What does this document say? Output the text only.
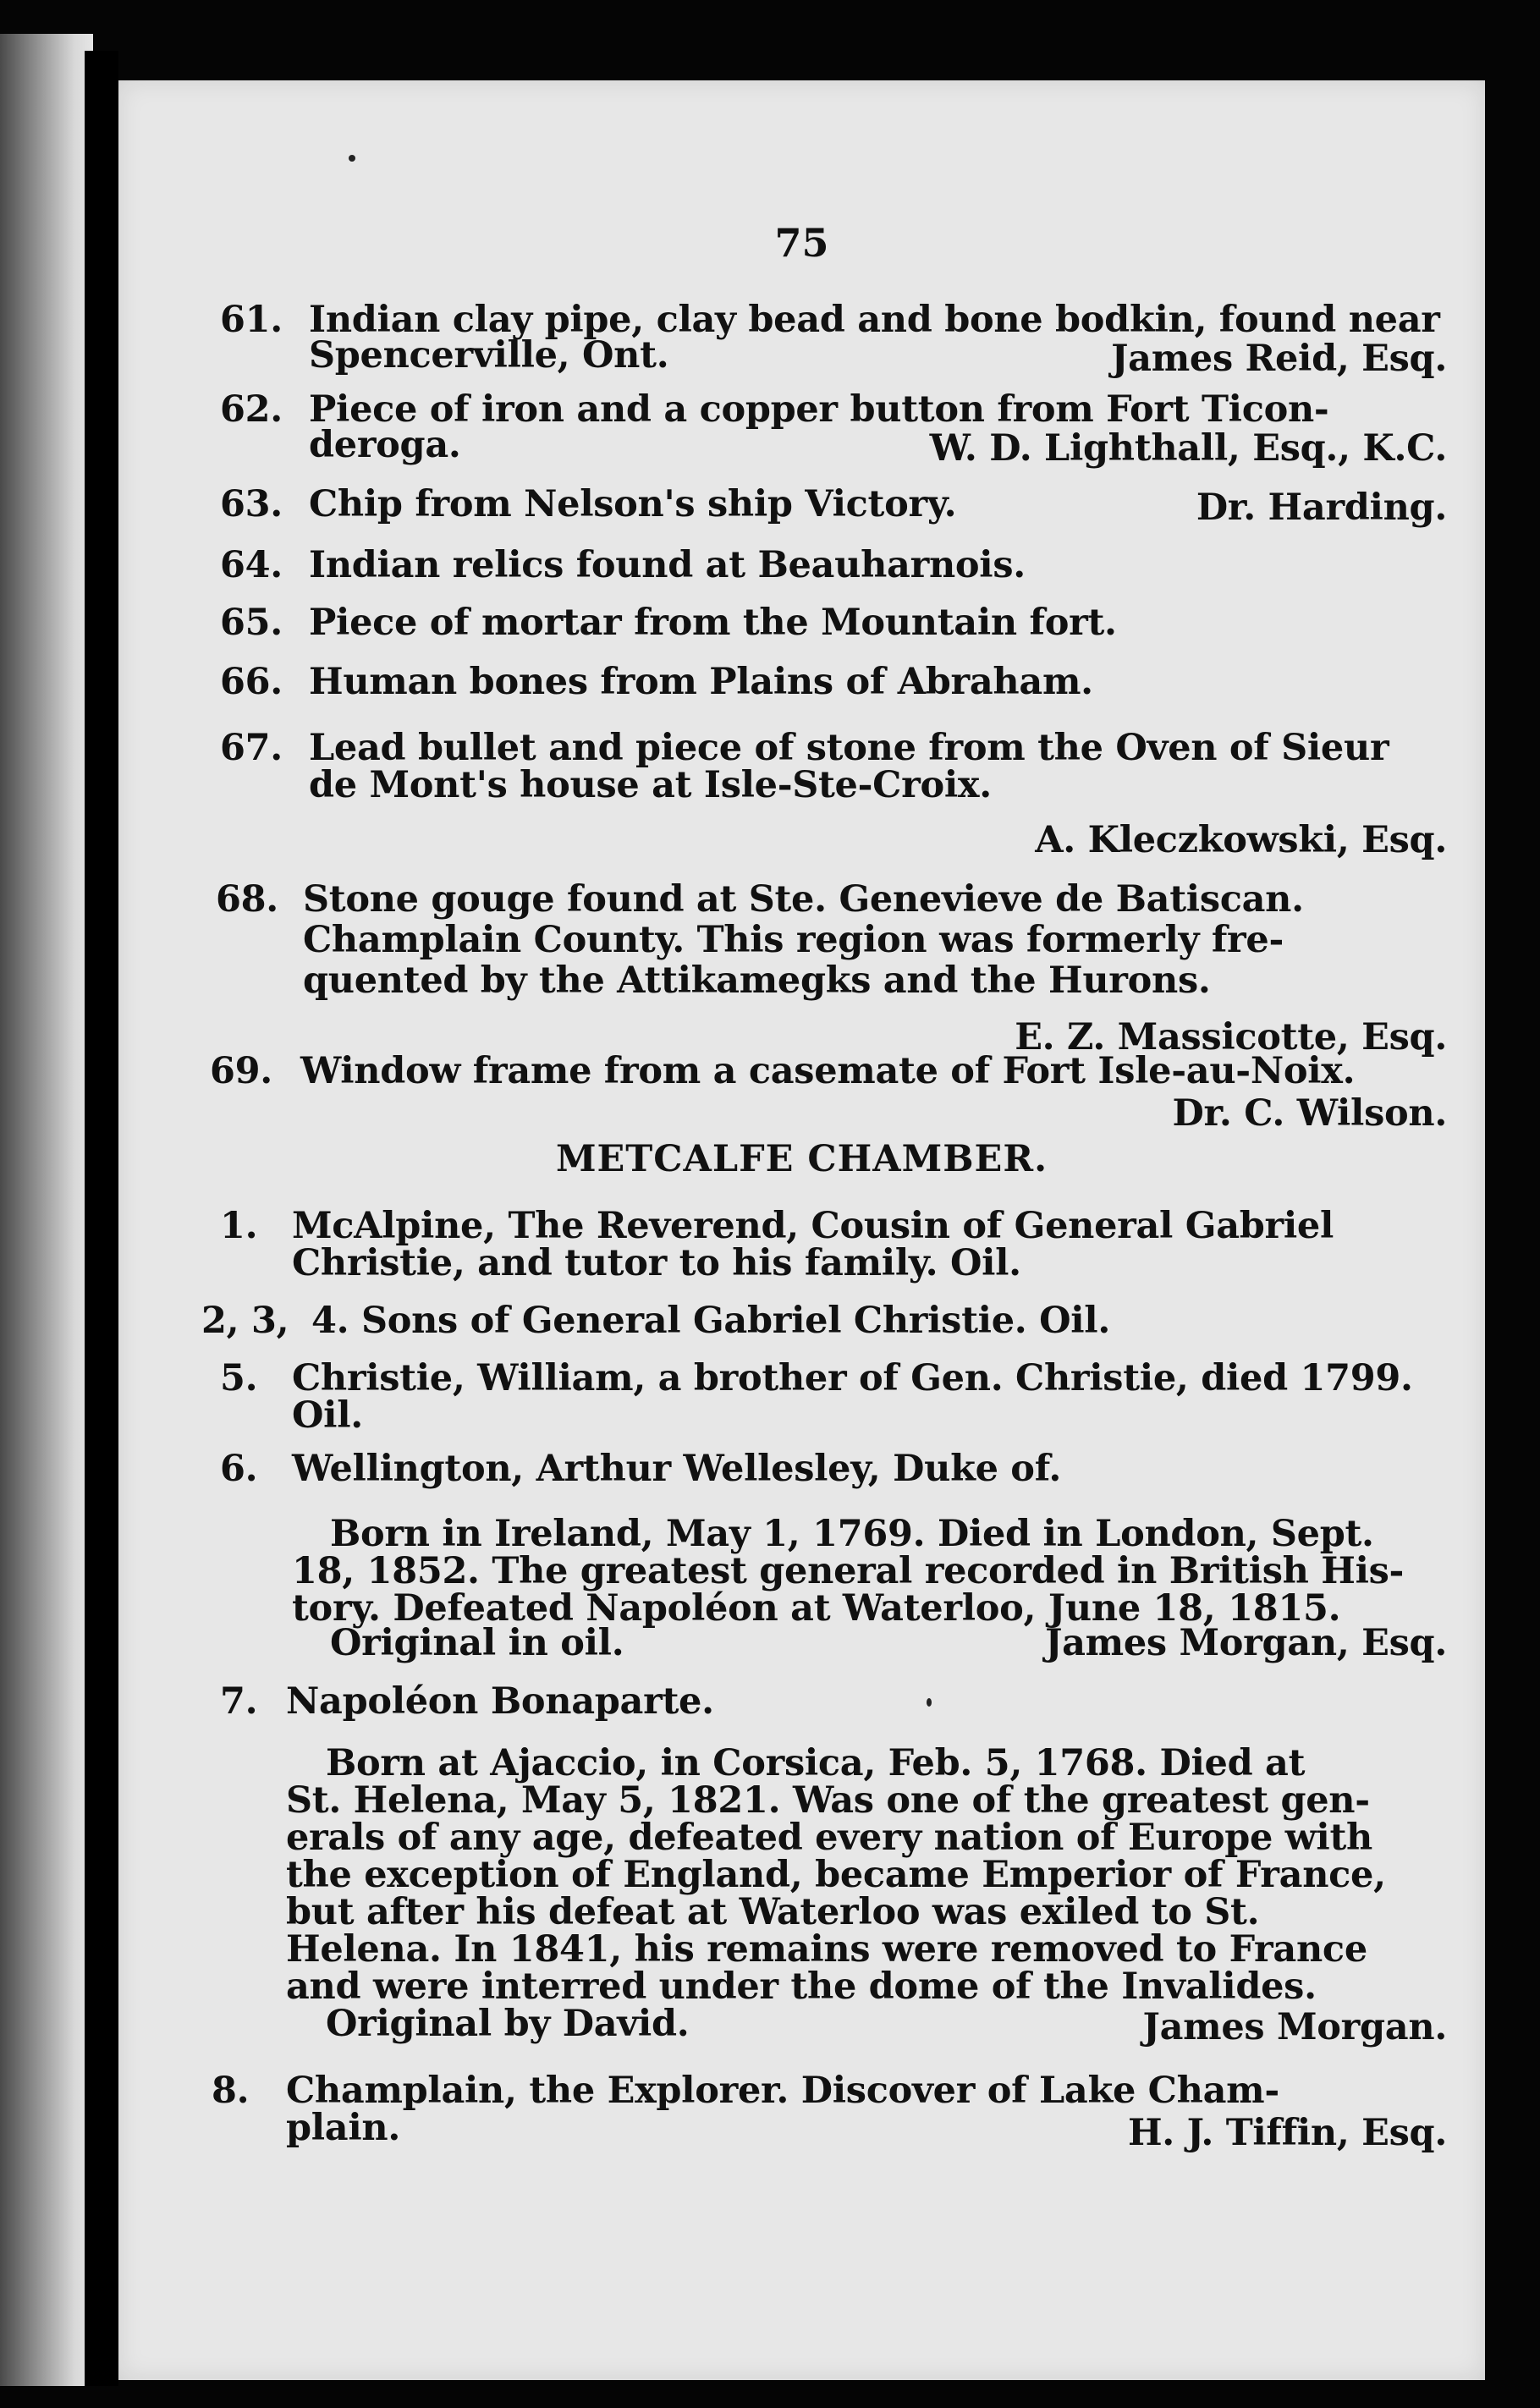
75
61. Indian clay pipe, clay bead and bone bodkin, found near
Spencerville, Ont.	James Reid, Esq.
62. Piece of iron and a copper button from Fort Ticon-
deroga.	W. D. Lighthall, Esq., K.C.
63. Chip from Nelson's ship Victory.	Dr. Harding.
64. Indian relics found at Beauharnois.
65. Piece of mortar from the Mountain fort.
66. Human bones from Plains of Abraham.
67. Lead bullet and piece of stone from the Oven of Sieur
de Mont's house at Isle-Ste-Croix.
A. Kleczkowski, Esq.
68. Stone gouge found at Ste. Genevieve de Batiscan.
Champlain County. This region was formerly fre-
quented by the Attikamegks and the Hurons.
E. Z. Massicotte, Esq.
69. Window frame from a casemate of Fort Isle-au-Noix.
Dr. C. Wilson.
METCALFE CHAMBER.
1. McAlpine, The Reverend, Cousin of General Gabriel
Christie, and tutor to his family. Oil.
2, 3, 4. Sons of General Gabriel Christie. Oil.
5. Christie, William, a brother of Gen. Christie, died 1799.
Oil.
6. Wellington, Arthur Wellesley, Duke of.
Born in Ireland, May 1, 1769. Died in London, Sept.
18, 1852. The greatest general recorded in British His-
tory. Defeated Napoléon at Waterloo, June 18, 1815.
Original in oil.	James Morgan, Esq.
7. Napoléon Bonaparte.
Born at Ajaccio, in Corsica, Feb. 5, 1768. Died at
St. Helena, May 5, 1821. Was one of the greatest gen-
erals of any age, defeated every nation of Europe with
the exception of England, became Emperior of France,
but after his defeat at Waterloo was exiled to St.
Helena. In 1841, his remains were removed to France
and were interred under the dome of the Invalides.
Original by David.	James Morgan.
8. Champlain, the Explorer. Discover of Lake Cham-
plain.	H. J. Tiffin, Esq.
